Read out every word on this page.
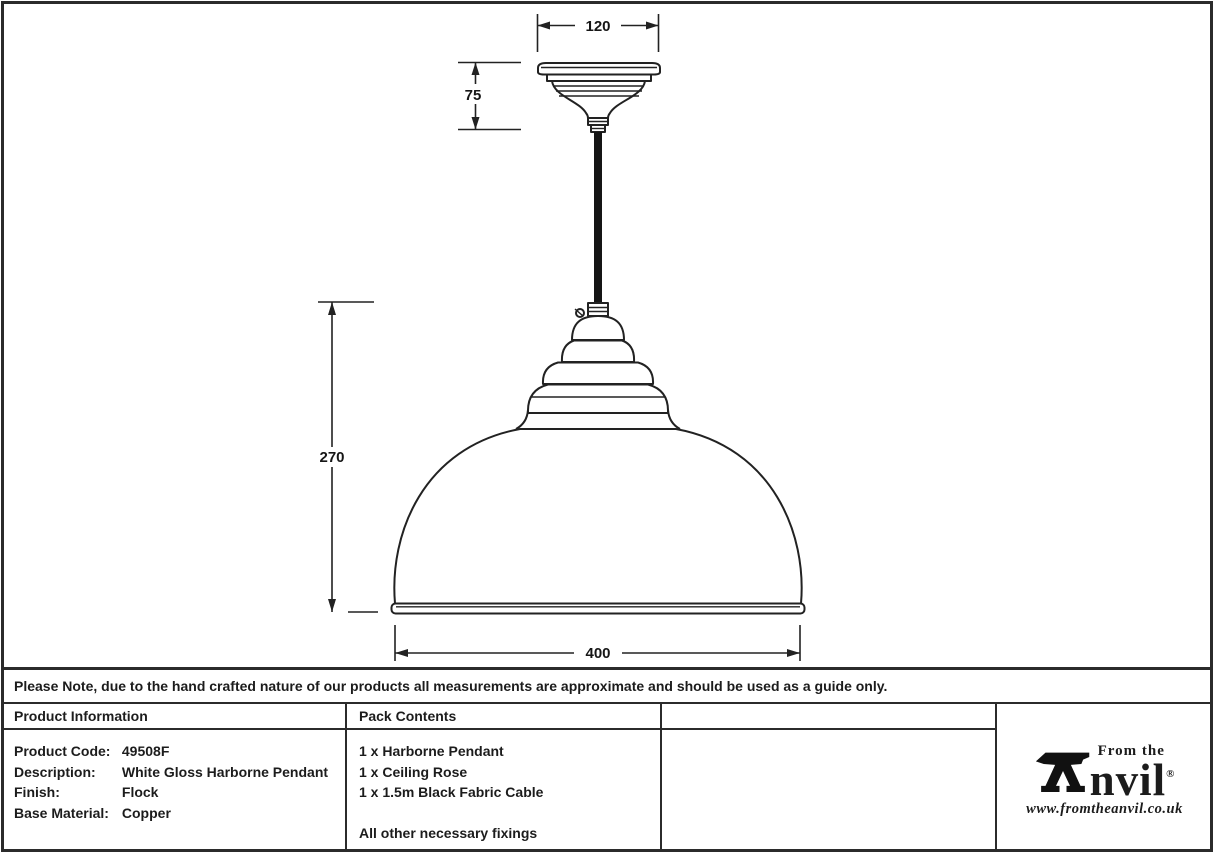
120
75
270
400
Please Note, due to the hand crafted nature of our products all measurements are approximate and should be used as a guide only.
Product Information	Pack Contents
Product Code: 49508F
Description: White Gloss Harborne Pendant
Finish:	Flock
Base Material: Copper
1 x Harborne Pendant
1 x Ceiling Rose
1 x 1.5m Black Fabric Cable
All other necessary fixings
From the
nvil®
www.fromtheanvil.co.uk
